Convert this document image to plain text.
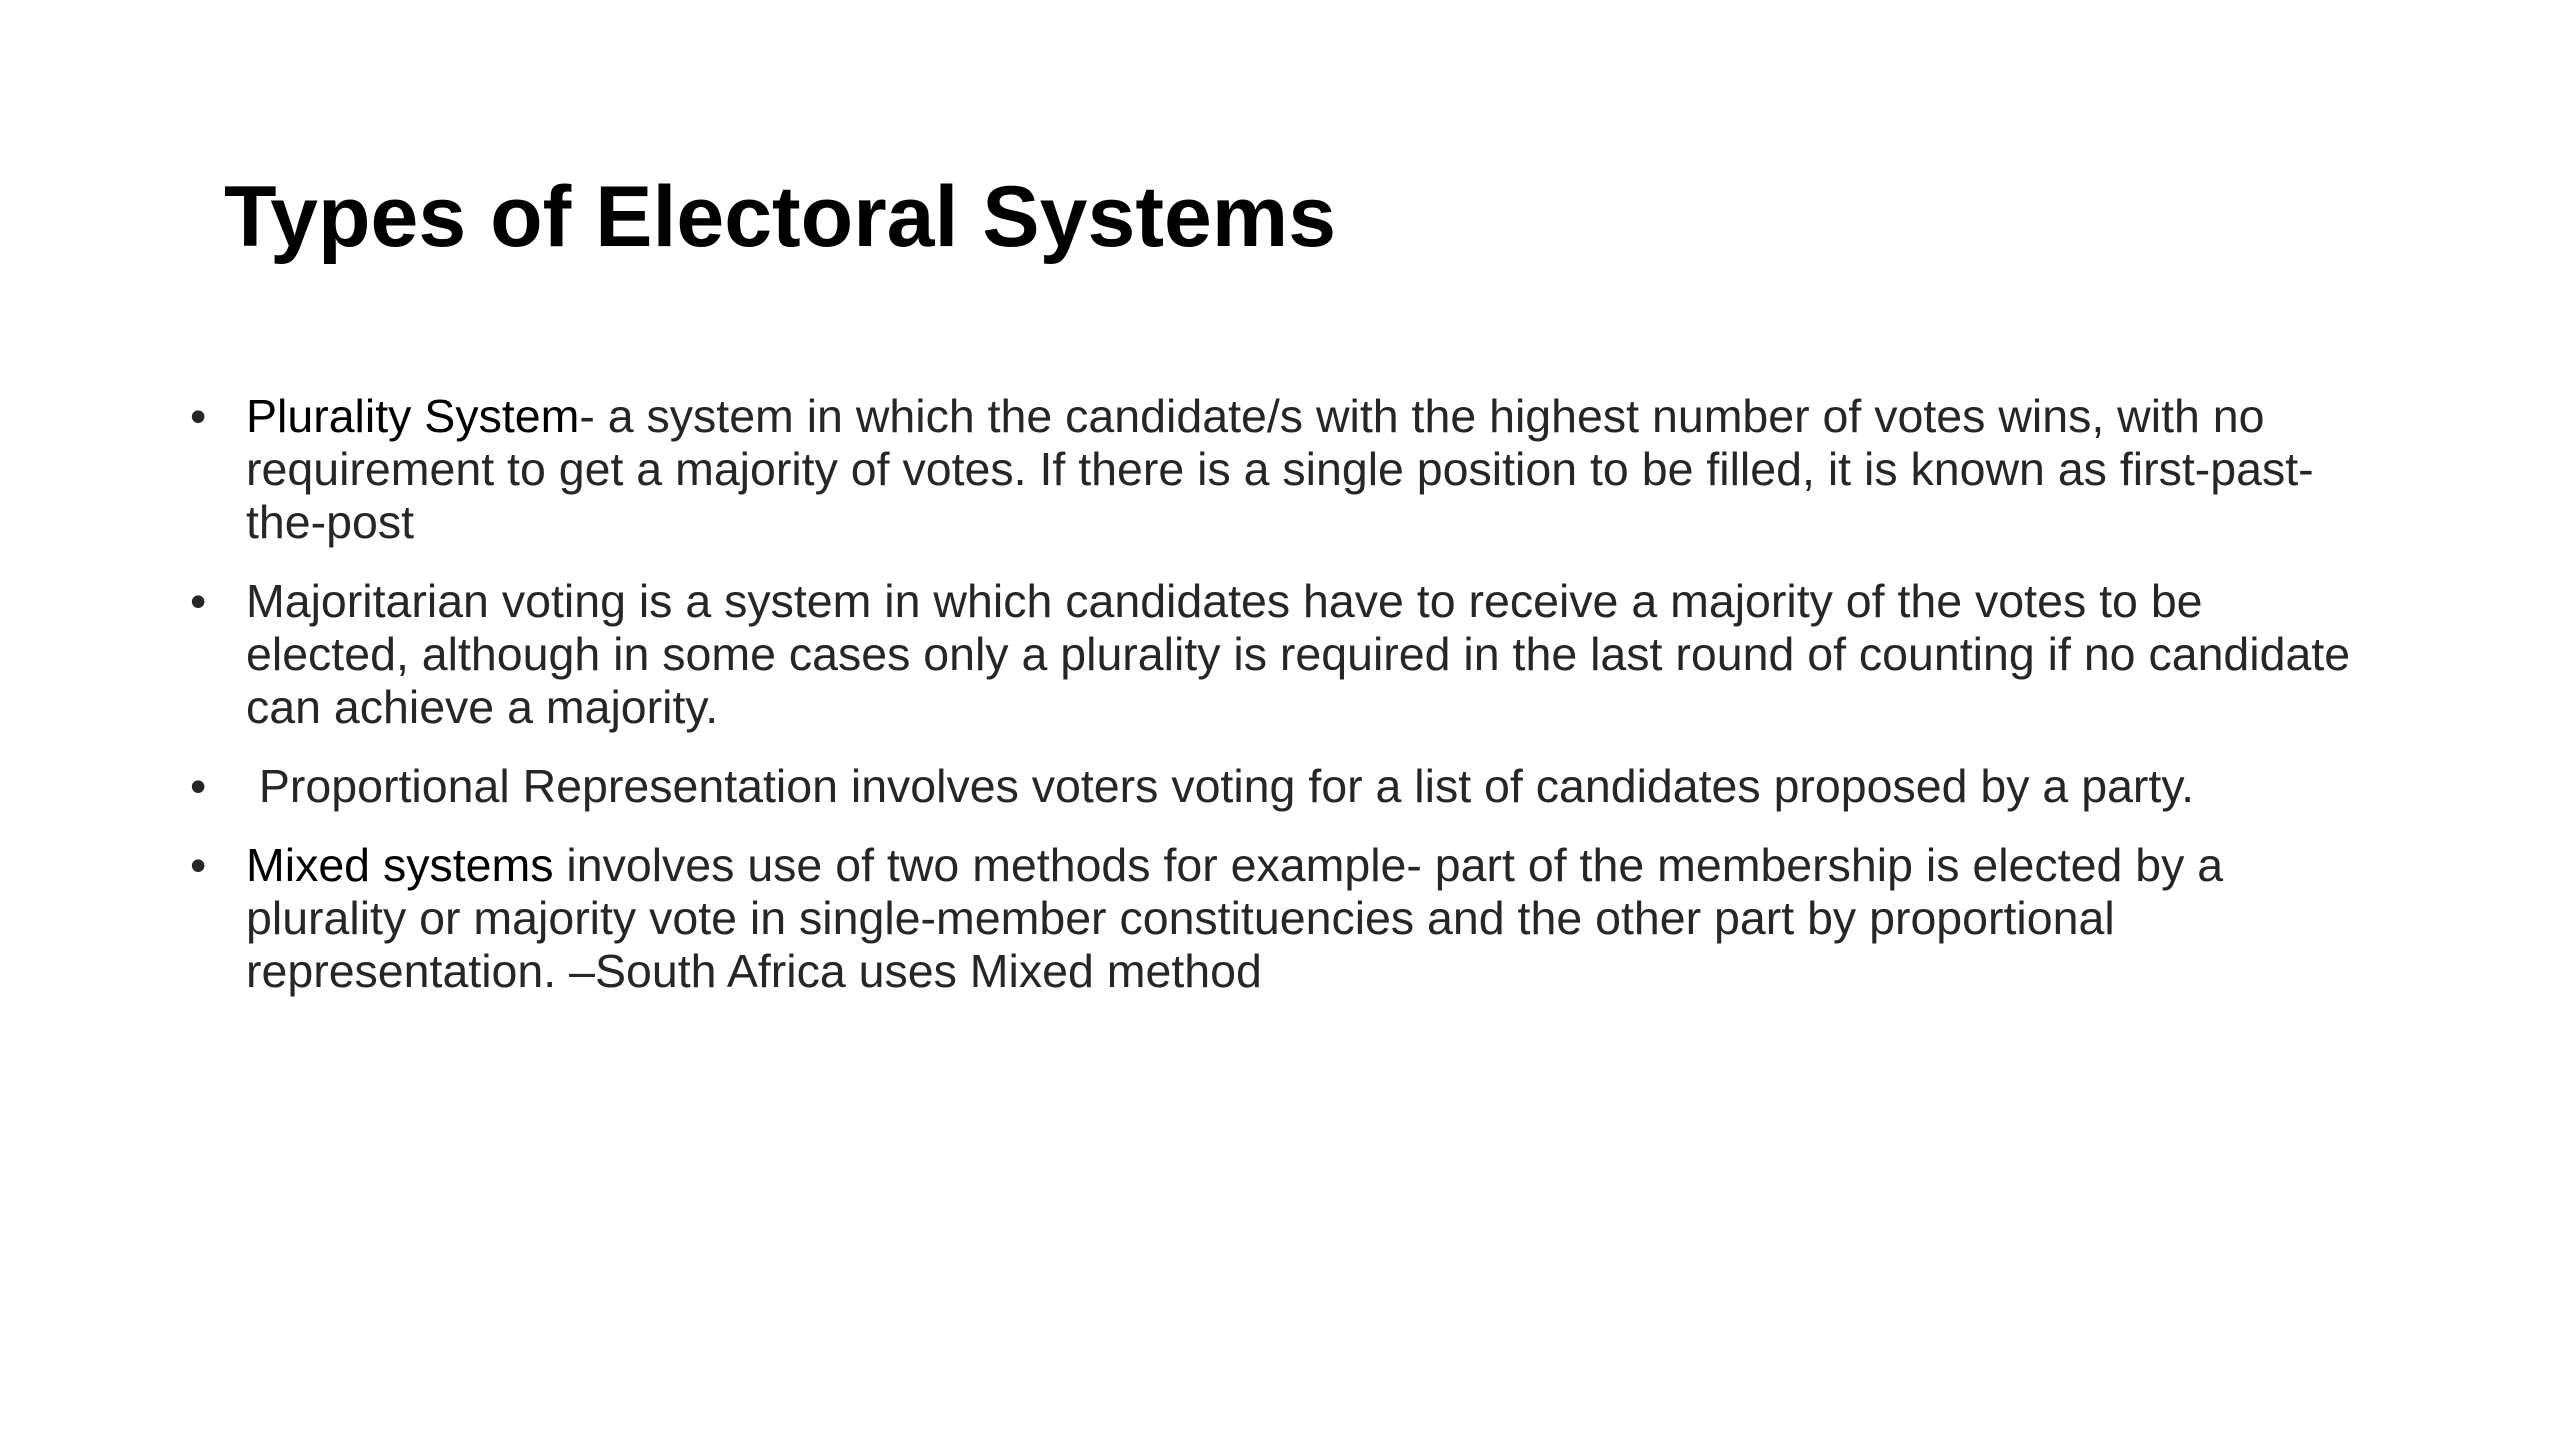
Types of Electoral Systems
• Plurality System- a system in which the candidate/s with the highest number of votes wins, with no requirement to get a majority of votes. If there is a single position to be filled, it is known as first-past-the-post
• Majoritarian voting is a system in which candidates have to receive a majority of the votes to be elected, although in some cases only a plurality is required in the last round of counting if no candidate can achieve a majority.
• Proportional Representation involves voters voting for a list of candidates proposed by a party.
• Mixed systems involves use of two methods for example- part of the membership is elected by a plurality or majority vote in single-member constituencies and the other part by proportional representation. –South Africa uses Mixed method
